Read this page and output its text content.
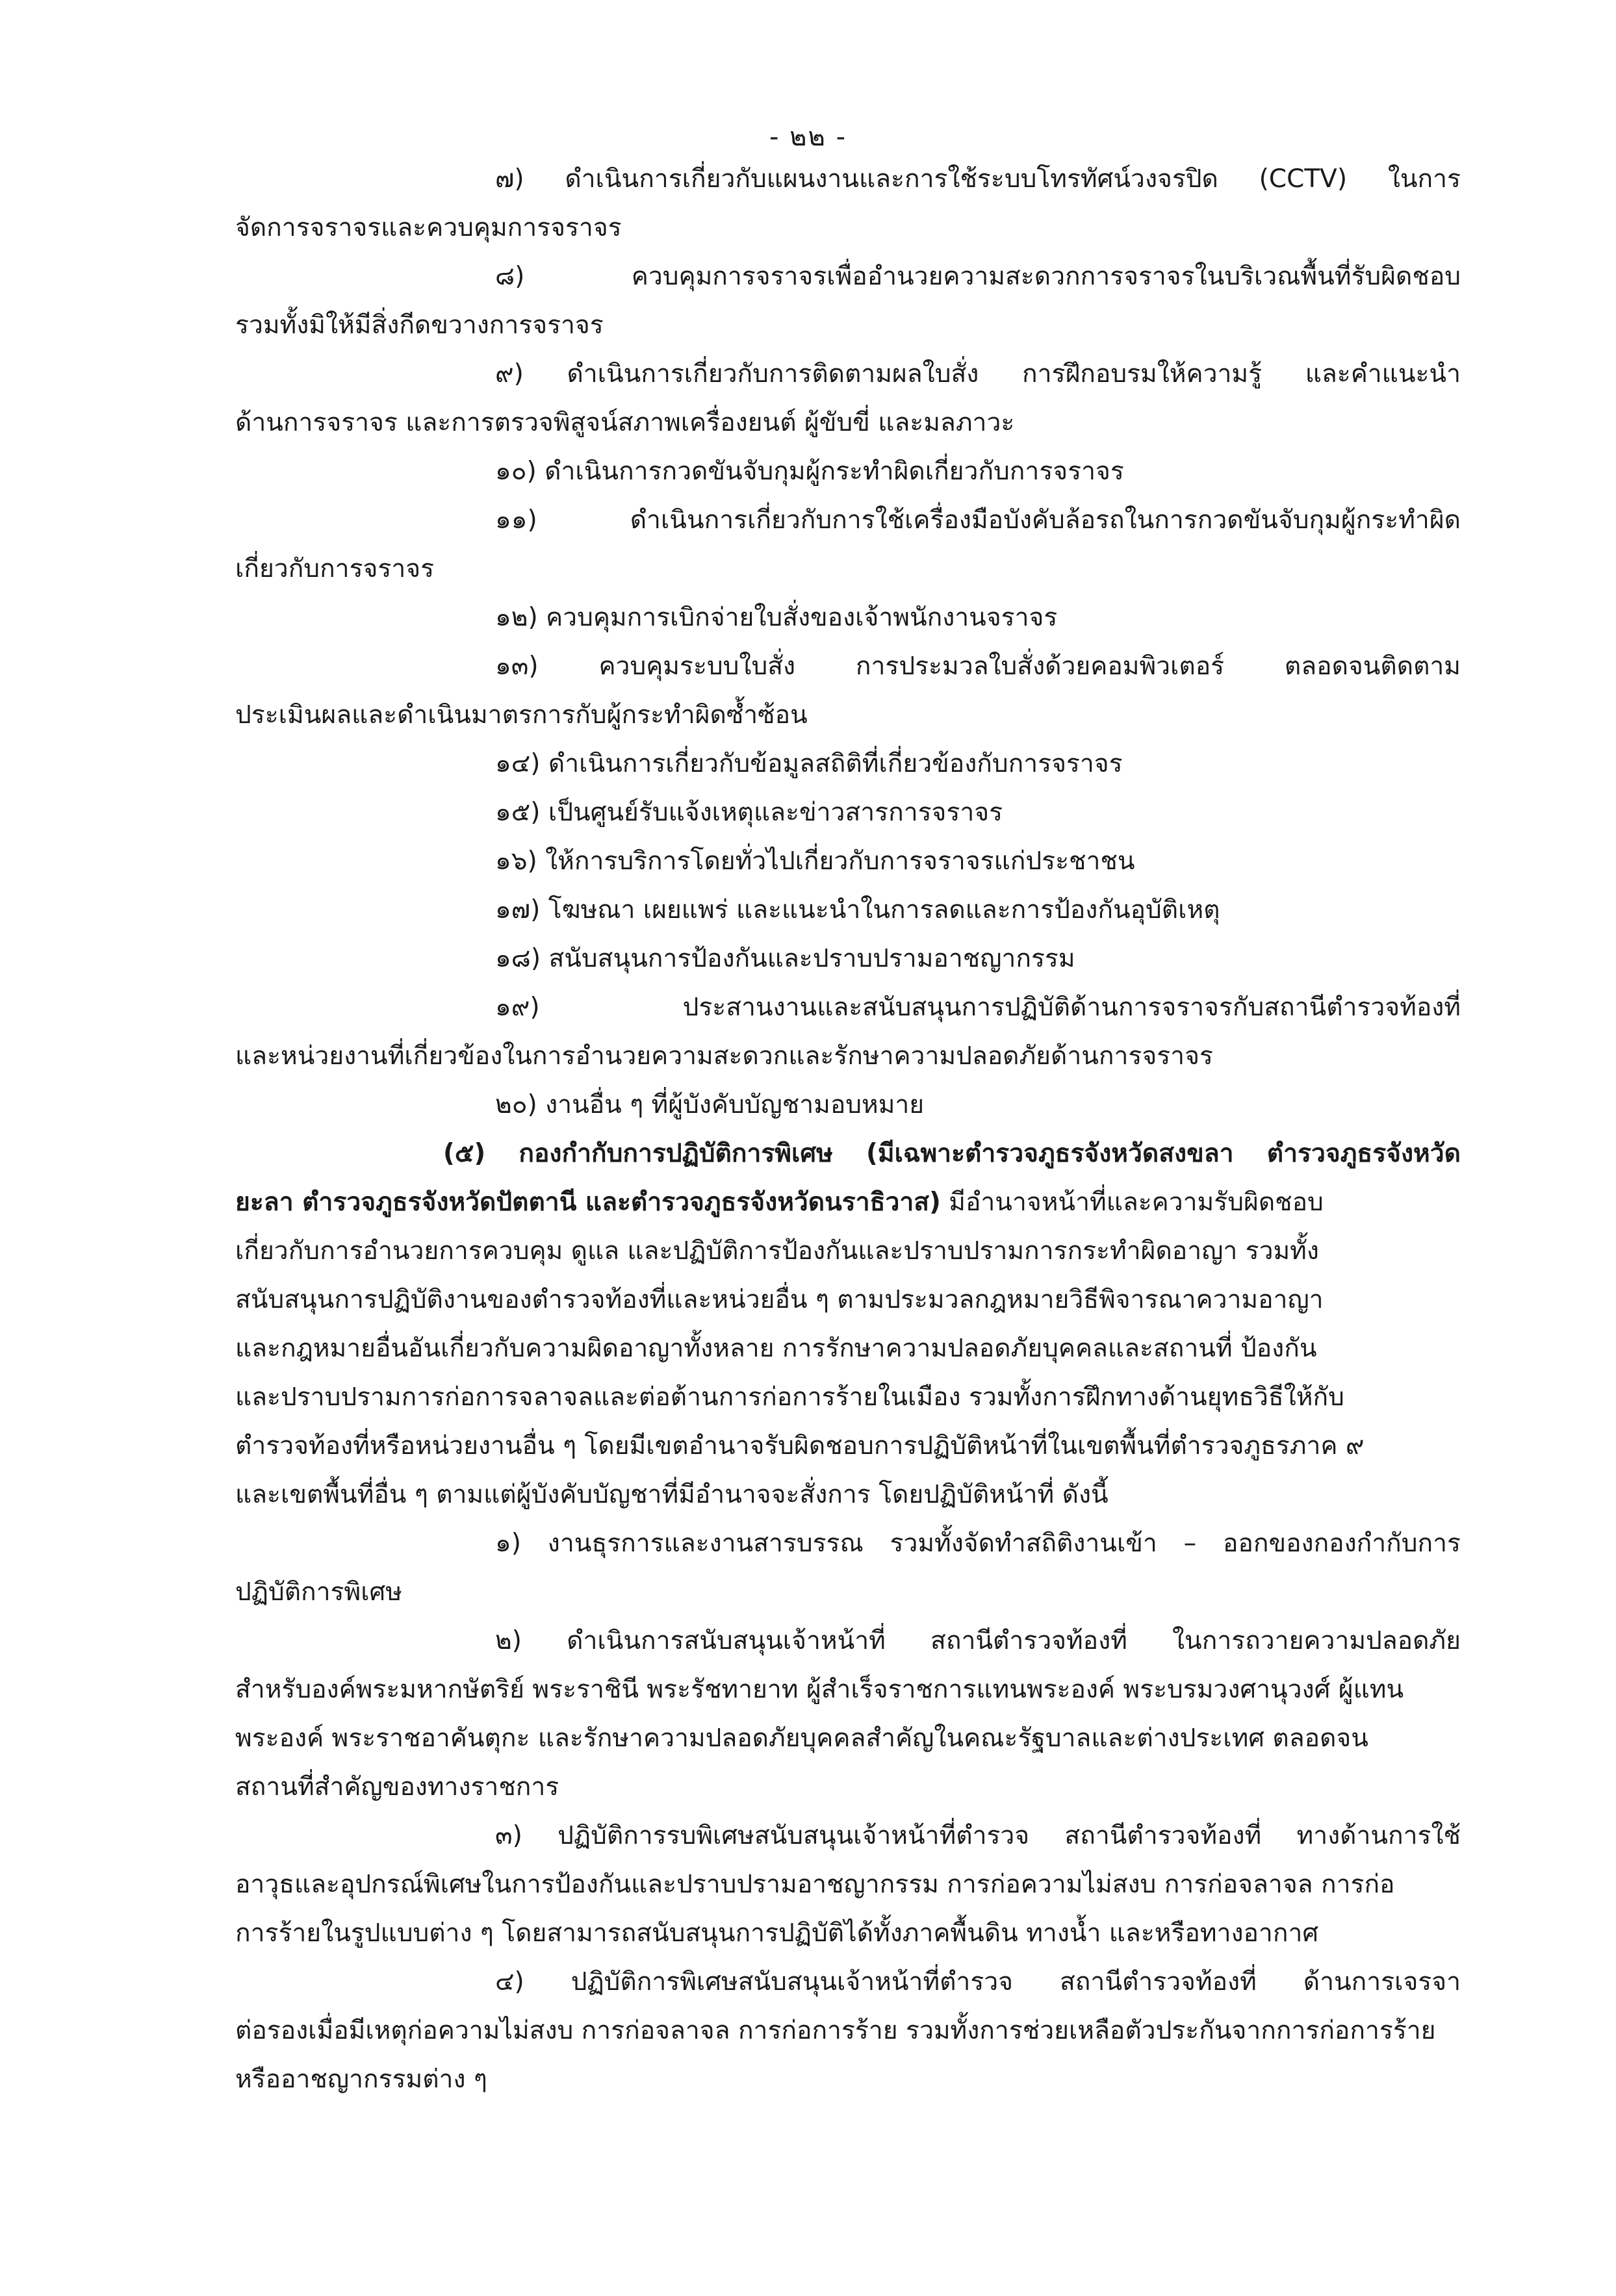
- ๒๒ -
๗) ดำเนินการเกี่ยวกับแผนงานและการใช้ระบบโทรทัศน์วงจรปิด (CCTV) ในการ
จัดการจราจรและควบคุมการจราจร
๘) ควบคุมการจราจรเพื่ออำนวยความสะดวกการจราจรในบริเวณพื้นที่รับผิดชอบ
รวมทั้งมิให้มีสิ่งกีดขวางการจราจร
๙) ดำเนินการเกี่ยวกับการติดตามผลใบสั่ง การฝึกอบรมให้ความรู้ และคำแนะนำ
ด้านการจราจร และการตรวจพิสูจน์สภาพเครื่องยนต์ ผู้ขับขี่ และมลภาวะ
๑๐) ดำเนินการกวดขันจับกุมผู้กระทำผิดเกี่ยวกับการจราจร
๑๑) ดำเนินการเกี่ยวกับการใช้เครื่องมือบังคับล้อรถในการกวดขันจับกุมผู้กระทำผิด
เกี่ยวกับการจราจร
๑๒) ควบคุมการเบิกจ่ายใบสั่งของเจ้าพนักงานจราจร
๑๓) ควบคุมระบบใบสั่ง การประมวลใบสั่งด้วยคอมพิวเตอร์ ตลอดจนติดตาม
ประเมินผลและดำเนินมาตรการกับผู้กระทำผิดซ้ำซ้อน
๑๔) ดำเนินการเกี่ยวกับข้อมูลสถิติที่เกี่ยวข้องกับการจราจร
๑๕) เป็นศูนย์รับแจ้งเหตุและข่าวสารการจราจร
๑๖) ให้การบริการโดยทั่วไปเกี่ยวกับการจราจรแก่ประชาชน
๑๗) โฆษณา เผยแพร่ และแนะนำในการลดและการป้องกันอุบัติเหตุ
๑๘) สนับสนุนการป้องกันและปราบปรามอาชญากรรม
๑๙) ประสานงานและสนับสนุนการปฏิบัติด้านการจราจรกับสถานีตำรวจท้องที่
และหน่วยงานที่เกี่ยวข้องในการอำนวยความสะดวกและรักษาความปลอดภัยด้านการจราจร
๒๐) งานอื่น ๆ ที่ผู้บังคับบัญชามอบหมาย
(๕) กองกำกับการปฏิบัติการพิเศษ (มีเฉพาะตำรวจภูธรจังหวัดสงขลา ตำรวจภูธรจังหวัด
ยะลา ตำรวจภูธรจังหวัดปัตตานี และตำรวจภูธรจังหวัดนราธิวาส) มีอำนาจหน้าที่และความรับผิดชอบ
เกี่ยวกับการอำนวยการควบคุม ดูแล และปฏิบัติการป้องกันและปราบปรามการกระทำผิดอาญา รวมทั้ง
สนับสนุนการปฏิบัติงานของตำรวจท้องที่และหน่วยอื่น ๆ ตามประมวลกฎหมายวิธีพิจารณาความอาญา
และกฎหมายอื่นอันเกี่ยวกับความผิดอาญาทั้งหลาย การรักษาความปลอดภัยบุคคลและสถานที่ ป้องกัน
และปราบปรามการก่อการจลาจลและต่อต้านการก่อการร้ายในเมือง รวมทั้งการฝึกทางด้านยุทธวิธีให้กับ
ตำรวจท้องที่หรือหน่วยงานอื่น ๆ โดยมีเขตอำนาจรับผิดชอบการปฏิบัติหน้าที่ในเขตพื้นที่ตำรวจภูธรภาค ๙
และเขตพื้นที่อื่น ๆ ตามแต่ผู้บังคับบัญชาที่มีอำนาจจะสั่งการ โดยปฏิบัติหน้าที่ ดังนี้
๑) งานธุรการและงานสารบรรณ รวมทั้งจัดทำสถิติงานเข้า – ออกของกองกำกับการ
ปฏิบัติการพิเศษ
๒) ดำเนินการสนับสนุนเจ้าหน้าที่ สถานีตำรวจท้องที่ ในการถวายความปลอดภัย
สำหรับองค์พระมหากษัตริย์ พระราชินี พระรัชทายาท ผู้สำเร็จราชการแทนพระองค์ พระบรมวงศานุวงศ์ ผู้แทน
พระองค์ พระราชอาคันตุกะ และรักษาความปลอดภัยบุคคลสำคัญในคณะรัฐบาลและต่างประเทศ ตลอดจน
สถานที่สำคัญของทางราชการ
๓) ปฏิบัติการรบพิเศษสนับสนุนเจ้าหน้าที่ตำรวจ สถานีตำรวจท้องที่ ทางด้านการใช้
อาวุธและอุปกรณ์พิเศษในการป้องกันและปราบปรามอาชญากรรม การก่อความไม่สงบ การก่อจลาจล การก่อ
การร้ายในรูปแบบต่าง ๆ โดยสามารถสนับสนุนการปฏิบัติได้ทั้งภาคพื้นดิน ทางน้ำ และหรือทางอากาศ
๔) ปฏิบัติการพิเศษสนับสนุนเจ้าหน้าที่ตำรวจ สถานีตำรวจท้องที่ ด้านการเจรจา
ต่อรองเมื่อมีเหตุก่อความไม่สงบ การก่อจลาจล การก่อการร้าย รวมทั้งการช่วยเหลือตัวประกันจากการก่อการร้าย
หรืออาชญากรรมต่าง ๆ
